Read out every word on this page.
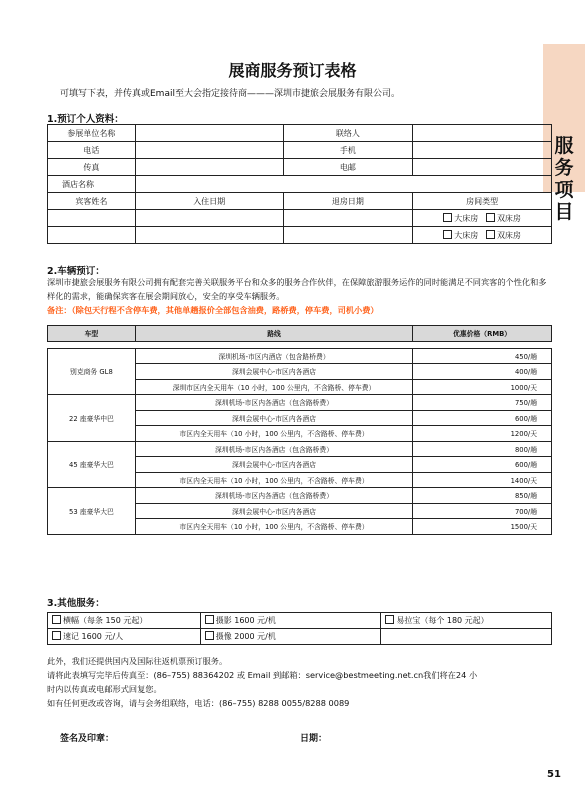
服
务
项
目
展商服务预订表格
可填写下表，并传真或Email至大会指定接待商———深圳市捷旅会展服务有限公司。
1.预订个人资料：
参展单位名称		联络人	
电话		手机	
传真		电邮	
酒店名称			
宾客姓名	入住日期	退房日期	房间类型
			大床房 双床房
			大床房 双床房
2.车辆预订：
深圳市捷旅会展服务有限公司拥有配套完善关联服务平台和众多的服务合作伙伴，在保障旅游服务运作的同时能满足不同宾客的个性化和多样化的需求，能确保宾客在展会期间放心，安全的享受车辆服务。
备注：（除包天行程不含停车费，其他单趟报价全部包含油费，路桥费，停车费，司机小费）
车型	路线	优惠价格（RMB）

别克商务 GL8	深圳机场-市区内酒店（包含路桥费）	450/趟
	深圳会展中心-市区内各酒店	400/趟
	深圳市区内全天用车（10 小时，100 公里内，不含路桥、停车费）	1000/天
22 座豪华中巴	深圳机场-市区内各酒店（包含路桥费）	750/趟
	深圳会展中心-市区内各酒店	600/趟
	市区内全天用车（10 小时，100 公里内，不含路桥、停车费）	1200/天
45 座豪华大巴	深圳机场-市区内各酒店（包含路桥费）	800/趟
	深圳会展中心-市区内各酒店	600/趟
	市区内全天用车（10 小时，100 公里内，不含路桥、停车费）	1400/天
53 座豪华大巴	深圳机场-市区内各酒店（包含路桥费）	850/趟
	深圳会展中心-市区内各酒店	700/趟
	市区内全天用车（10 小时，100 公里内，不含路桥、停车费）	1500/天
3.其他服务：
横幅（每条 150 元起）	摄影 1600 元/机	易拉宝（每个 180 元起）
速记 1600 元/人	摄像 2000 元/机	
此外，我们还提供国内及国际往返机票预订服务。
请将此表填写完毕后传真至：(86–755) 88364202 或 Email 到邮箱：service@bestmeeting.net.cn我们将在24 小
时内以传真或电邮形式回复您。
如有任何更改或咨询，请与会务组联络，电话：(86–755) 8288 0055/8288 0089
签名及印章：	日期：
51
